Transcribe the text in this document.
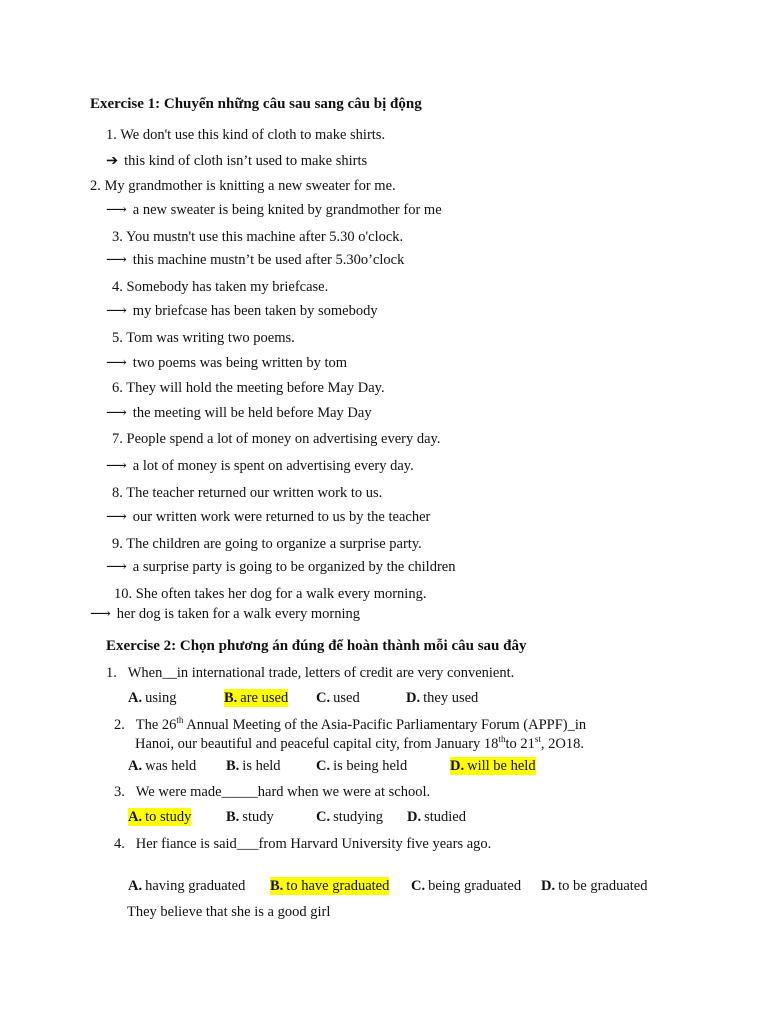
Exercise 1: Chuyển những câu sau sang câu bị động
1. We don't use this kind of cloth to make shirts.
➔ this kind of cloth isn’t used to make shirts
2. My grandmother is knitting a new sweater for me.
⟶ a new sweater is being knited by grandmother for me
3. You mustn't use this machine after 5.30 o'clock.
⟶ this machine mustn’t be used after 5.30o’clock
4. Somebody has taken my briefcase.
⟶ my briefcase has been taken by somebody
5. Tom was writing two poems.
⟶ two poems was being written by tom
6. They will hold the meeting before May Day.
⟶ the meeting will be held before May Day
7. People spend a lot of money on advertising every day.
⟶ a lot of money is spent on advertising every day.
8. The teacher returned our written work to us.
⟶ our written work were returned to us by the teacher
9. The children are going to organize a surprise party.
⟶ a surprise party is going to be organized by the children
10. She often takes her dog for a walk every morning.
⟶ her dog is taken for a walk every morning
Exercise 2: Chọn phương án đúng để hoàn thành mỗi câu sau đây
1. When__in international trade, letters of credit are very convenient.
A. using	B. are used C. used	D. they used
2. The 26th Annual Meeting of the Asia-Pacific Parliamentary Forum (APPF)_in
Hanoi, our beautiful and peaceful capital city, from January 18thto 21st, 2O18.
A. was held B. is held C. is being held	D. will be held
3. We were made_____hard when we were at school.
A. to study B. study	C. studying D. studied
4. Her fiance is said___from Harvard University five years ago.
A. having graduated B. to have graduated C. being graduated D. to be graduated
They believe that she is a good girl
